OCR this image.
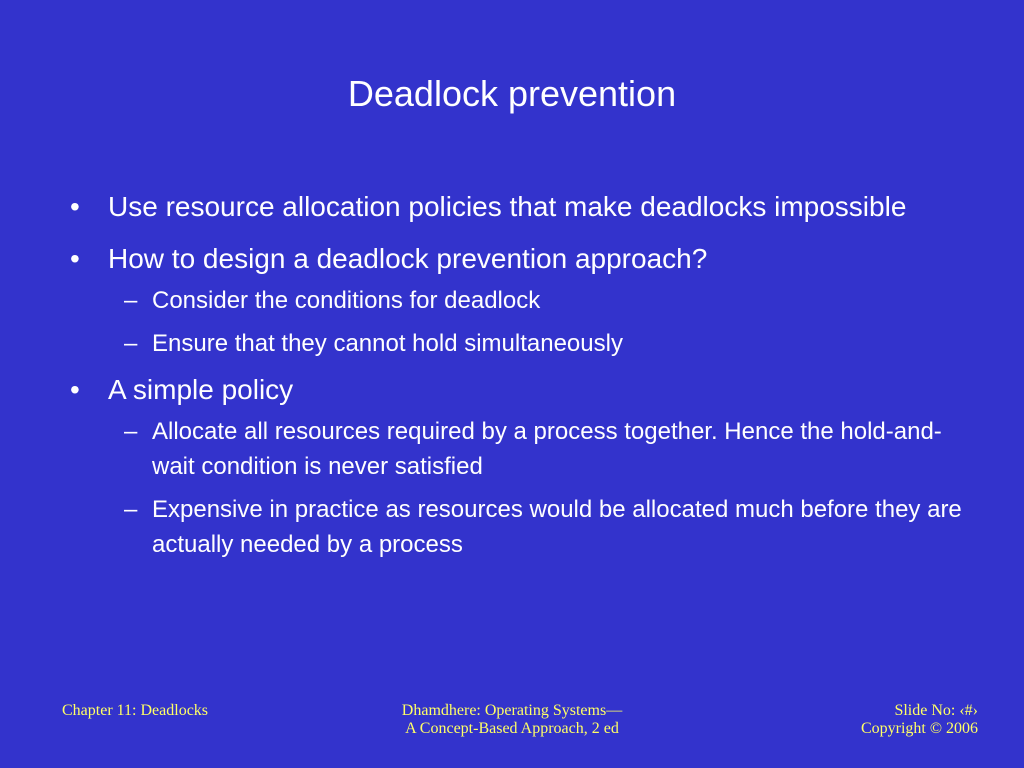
Deadlock prevention
• Use resource allocation policies that make deadlocks impossible
• How to design a deadlock prevention approach?
– Consider the conditions for deadlock
– Ensure that they cannot hold simultaneously
• A simple policy
– Allocate all resources required by a process together. Hence the hold-and-wait condition is never satisfied
– Expensive in practice as resources would be allocated much before they are actually needed by a process
Chapter 11: Deadlocks	Dhamdhere: Operating Systems—
A Concept-Based Approach, 2 ed
Slide No: ‹#›
Copyright © 2006
